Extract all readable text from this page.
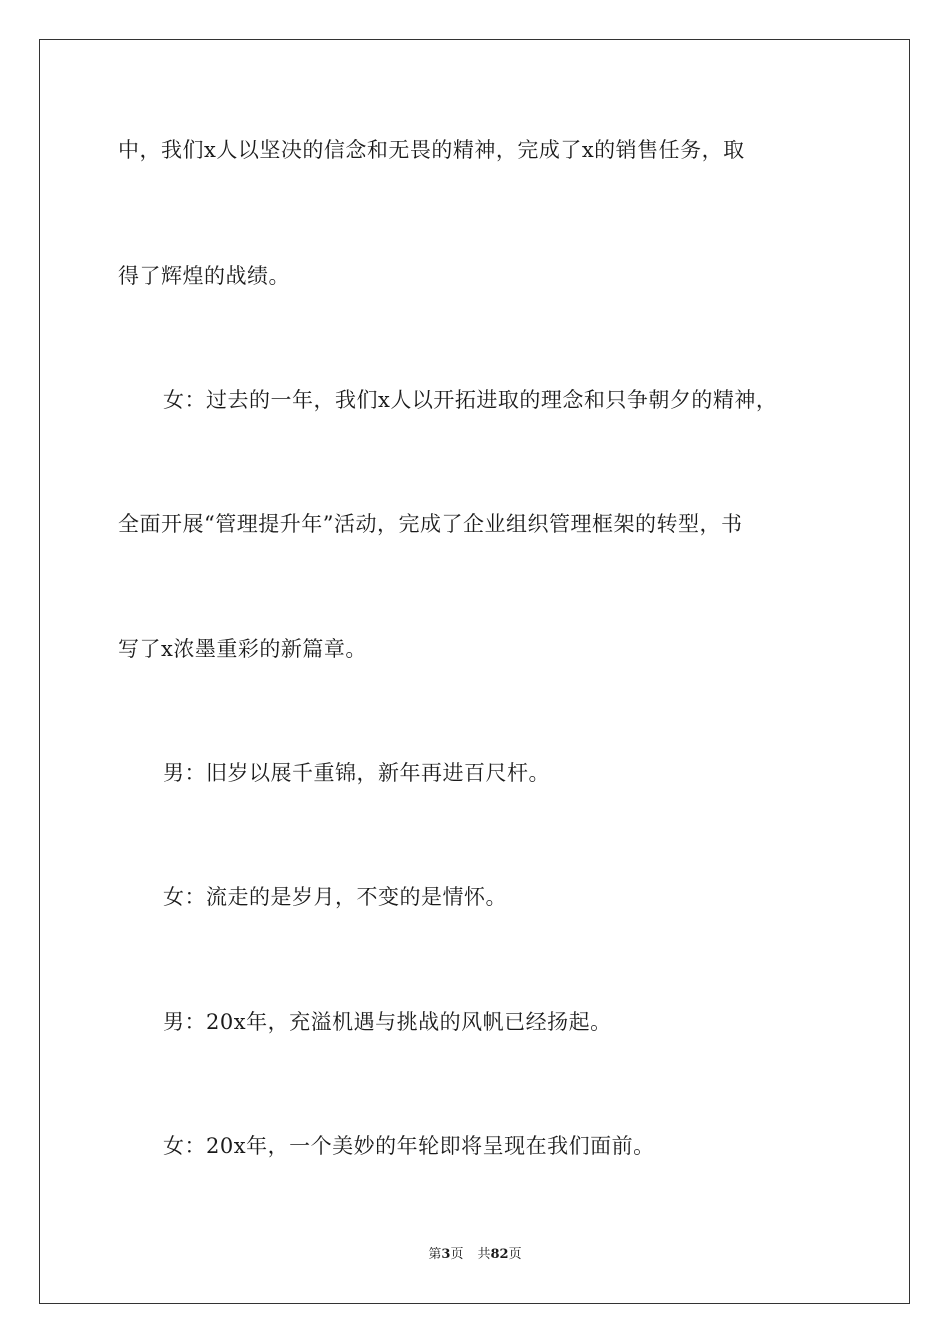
中，我们x人以坚决的信念和无畏的精神，完成了x的销售任务，取
得了辉煌的战绩。
女：过去的一年，我们x人以开拓进取的理念和只争朝夕的精神，
全面开展“管理提升年”活动，完成了企业组织管理框架的转型，书
写了x浓墨重彩的新篇章。
男：旧岁以展千重锦，新年再进百尺杆。
女：流走的是岁月，不变的是情怀。
男：20x年，充溢机遇与挑战的风帆已经扬起。
女：20x年，一个美妙的年轮即将呈现在我们面前。
第3页 共82页
